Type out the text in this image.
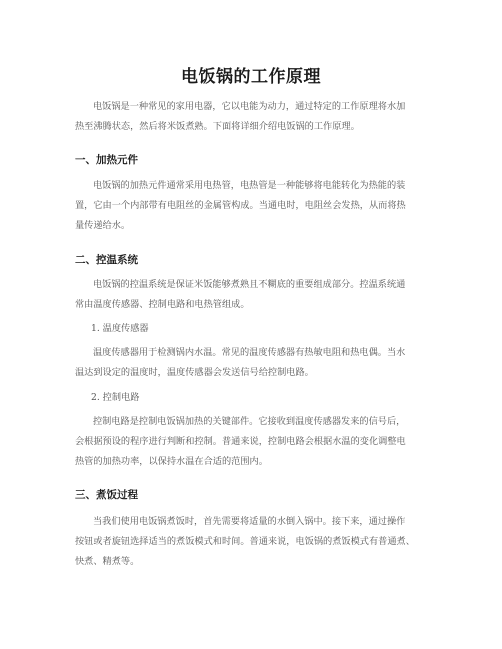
电饭锅的工作原理
电饭锅是一种常见的家用电器，它以电能为动力，通过特定的工作原理将水加
热至沸腾状态，然后将米饭煮熟。下面将详细介绍电饭锅的工作原理。
一、加热元件
电饭锅的加热元件通常采用电热管，电热管是一种能够将电能转化为热能的装
置，它由一个内部带有电阻丝的金属管构成。当通电时，电阻丝会发热，从而将热
量传递给水。
二、控温系统
电饭锅的控温系统是保证米饭能够煮熟且不糊底的重要组成部分。控温系统通
常由温度传感器、控制电路和电热管组成。
1. 温度传感器
温度传感器用于检测锅内水温。常见的温度传感器有热敏电阻和热电偶。当水
温达到设定的温度时，温度传感器会发送信号给控制电路。
2. 控制电路
控制电路是控制电饭锅加热的关键部件。它接收到温度传感器发来的信号后，
会根据预设的程序进行判断和控制。普通来说，控制电路会根据水温的变化调整电
热管的加热功率，以保持水温在合适的范围内。
三、煮饭过程
当我们使用电饭锅煮饭时，首先需要将适量的水倒入锅中。接下来，通过操作
按钮或者旋钮选择适当的煮饭模式和时间。普通来说，电饭锅的煮饭模式有普通煮、
快煮、精煮等。
